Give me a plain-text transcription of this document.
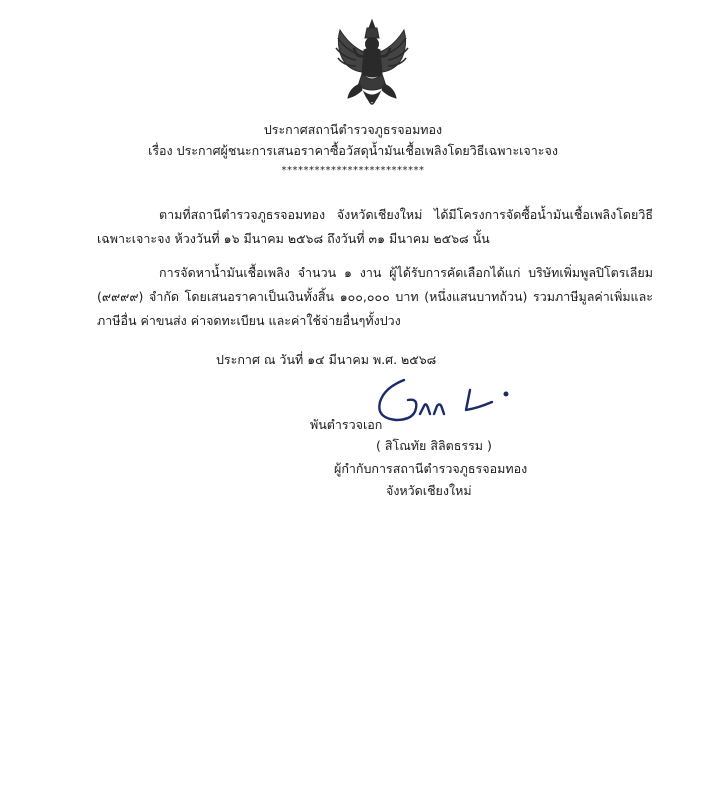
ประกาศสถานีตำรวจภูธรจอมทอง
เรื่อง ประกาศผู้ชนะการเสนอราคาซื้อวัสดุน้ำมันเชื้อเพลิงโดยวิธีเฉพาะเจาะจง
**************************

ตามที่สถานีตำรวจภูธรจอมทอง จังหวัดเชียงใหม่ ได้มีโครงการจัดซื้อน้ำมันเชื้อเพลิงโดยวิธีเฉพาะเจาะจง ห้วงวันที่ ๑๖ มีนาคม ๒๕๖๘ ถึงวันที่ ๓๑ มีนาคม ๒๕๖๘ นั้น

การจัดหาน้ำมันเชื้อเพลิง จำนวน ๑ งาน ผู้ได้รับการคัดเลือกได้แก่ บริษัทเพิ่มพูลปิโตรเลียม (๙๙๙๙) จำกัด โดยเสนอราคาเป็นเงินทั้งสิ้น ๑๐๐,๐๐๐ บาท (หนึ่งแสนบาทถ้วน) รวมภาษีมูลค่าเพิ่มและภาษีอื่น ค่าขนส่ง ค่าจดทะเบียน และค่าใช้จ่ายอื่นๆทั้งปวง

ประกาศ ณ วันที่ ๑๔ มีนาคม พ.ศ. ๒๕๖๘
พันตำรวจเอก
( สิโณทัย สิลิตธรรม )
ผู้กำกับการสถานีตำรวจภูธรจอมทอง
จังหวัดเชียงใหม่
